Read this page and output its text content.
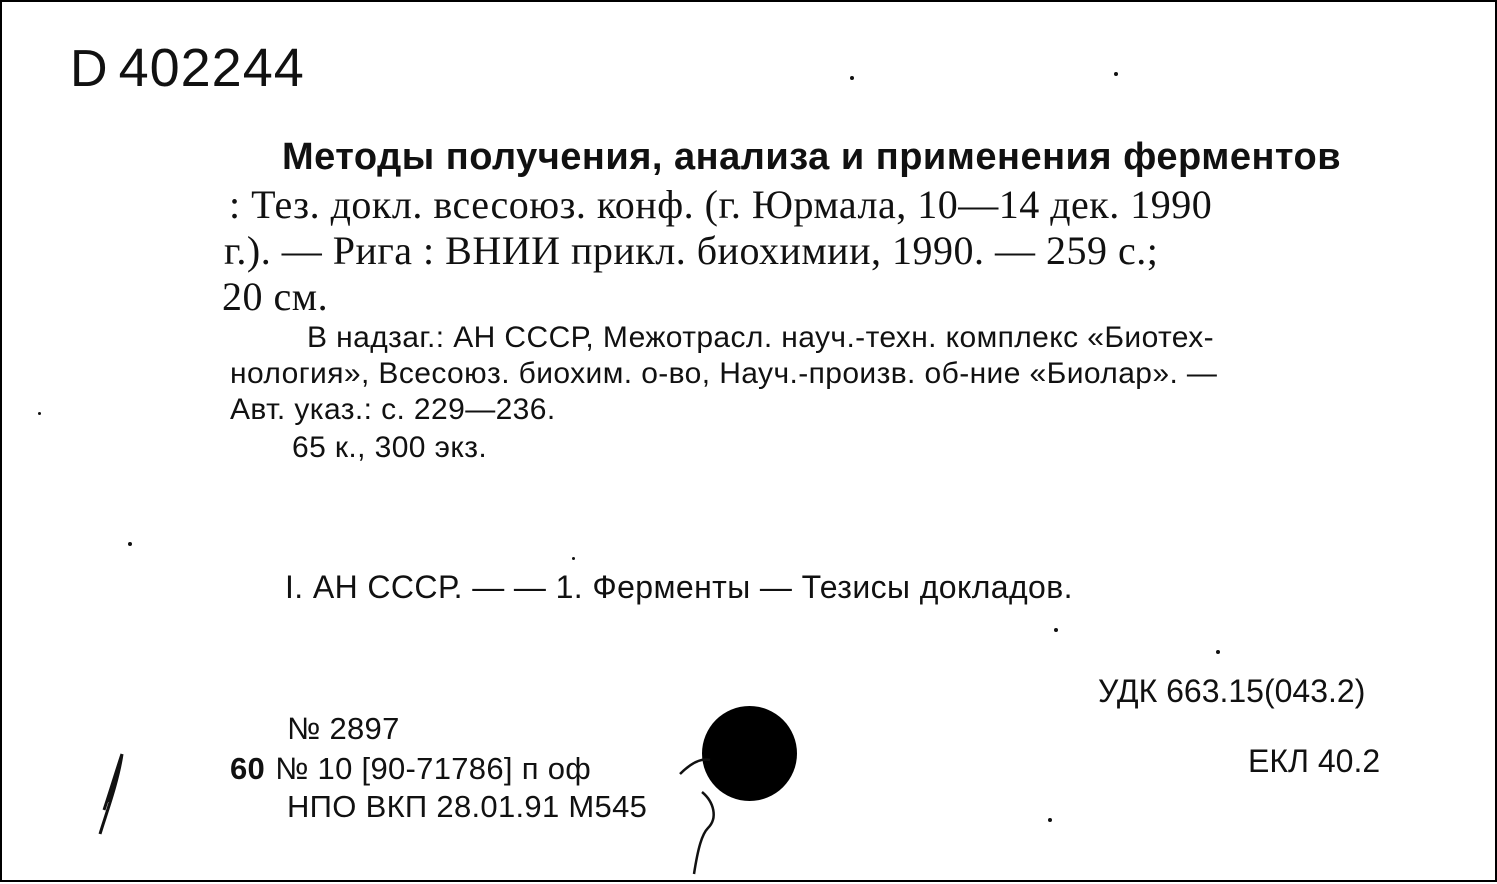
D 402244
Методы получения, анализа и применения ферментов
: Тез. докл. всесоюз. конф. (г. Юрмала, 10—14 дек. 1990
г.). — Рига : ВНИИ прикл. биохимии, 1990. — 259 с.;
20 см.
В надзаг.: АН СССР, Межотрасл. науч.-техн. комплекс «Биотех-
нология», Всесоюз. биохим. о-во, Науч.-произв. об-ние «Биолар». —
Авт. указ.: с. 229—236.
65 к., 300 экз.
I. АН СССР. — — 1. Ферменты — Тезисы докладов.
УДК 663.15(043.2)
ЕКЛ 40.2
№ 2897
60 № 10 [90-71786] п оф
НПО ВКП 28.01.91 М545
